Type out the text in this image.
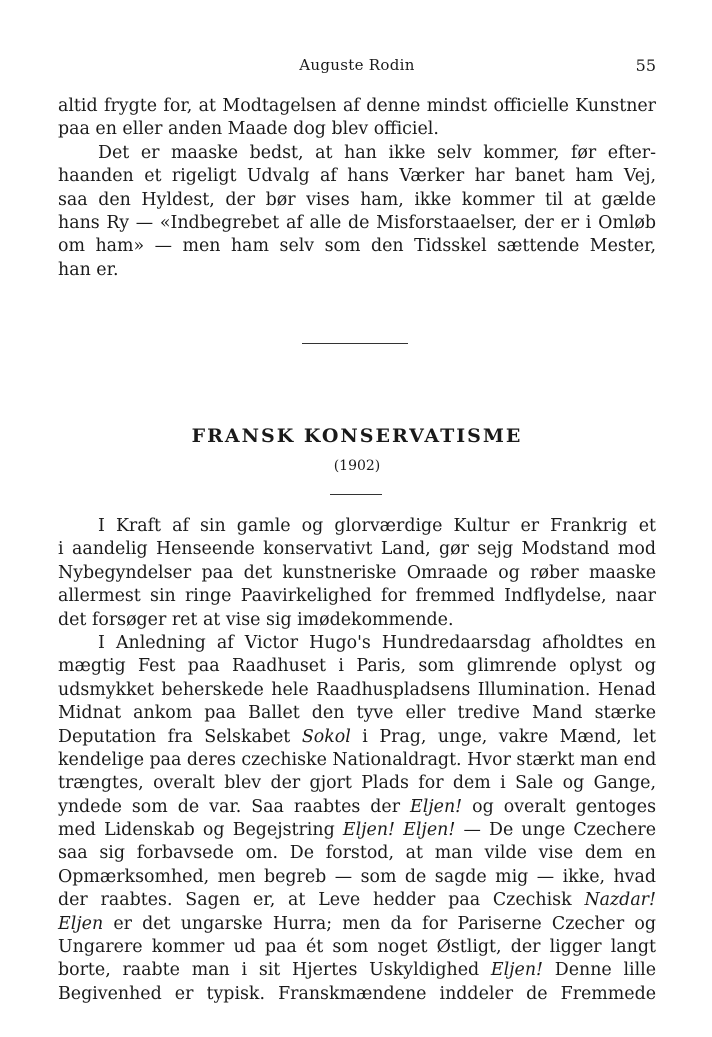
Auguste Rodin	55
altid frygte for, at Modtagelsen af denne mindst officielle Kunstner
paa en eller anden Maade dog blev officiel.
Det er maaske bedst, at han ikke selv kommer, før efter-
haanden et rigeligt Udvalg af hans Værker har banet ham Vej,
saa den Hyldest, der bør vises ham, ikke kommer til at gælde
hans Ry — «Indbegrebet af alle de Misforstaaelser, der er i Omløb
om ham» — men ham selv som den Tidsskel sættende Mester,
han er.
FRANSK KONSERVATISME
(1902)
I Kraft af sin gamle og glorværdige Kultur er Frankrig et
i aandelig Henseende konservativt Land, gør sejg Modstand mod
Nybegyndelser paa det kunstneriske Omraade og røber maaske
allermest sin ringe Paavirkelighed for fremmed Indflydelse, naar
det forsøger ret at vise sig imødekommende.
I Anledning af Victor Hugo's Hundredaarsdag afholdtes en
mægtig Fest paa Raadhuset i Paris, som glimrende oplyst og
udsmykket beherskede hele Raadhuspladsens Illumination. Henad
Midnat ankom paa Ballet den tyve eller tredive Mand stærke
Deputation fra Selskabet Sokol i Prag, unge, vakre Mænd, let
kendelige paa deres czechiske Nationaldragt. Hvor stærkt man end
trængtes, overalt blev der gjort Plads for dem i Sale og Gange,
yndede som de var. Saa raabtes der Eljen! og overalt gentoges
med Lidenskab og Begejstring Eljen! Eljen! — De unge Czechere
saa sig forbavsede om. De forstod, at man vilde vise dem en
Opmærksomhed, men begreb — som de sagde mig — ikke, hvad
der raabtes. Sagen er, at Leve hedder paa Czechisk Nazdar!
Eljen er det ungarske Hurra; men da for Pariserne Czecher og
Ungarere kommer ud paa ét som noget Østligt, der ligger langt
borte, raabte man i sit Hjertes Uskyldighed Eljen! Denne lille
Begivenhed er typisk. Franskmændene inddeler de Fremmede
